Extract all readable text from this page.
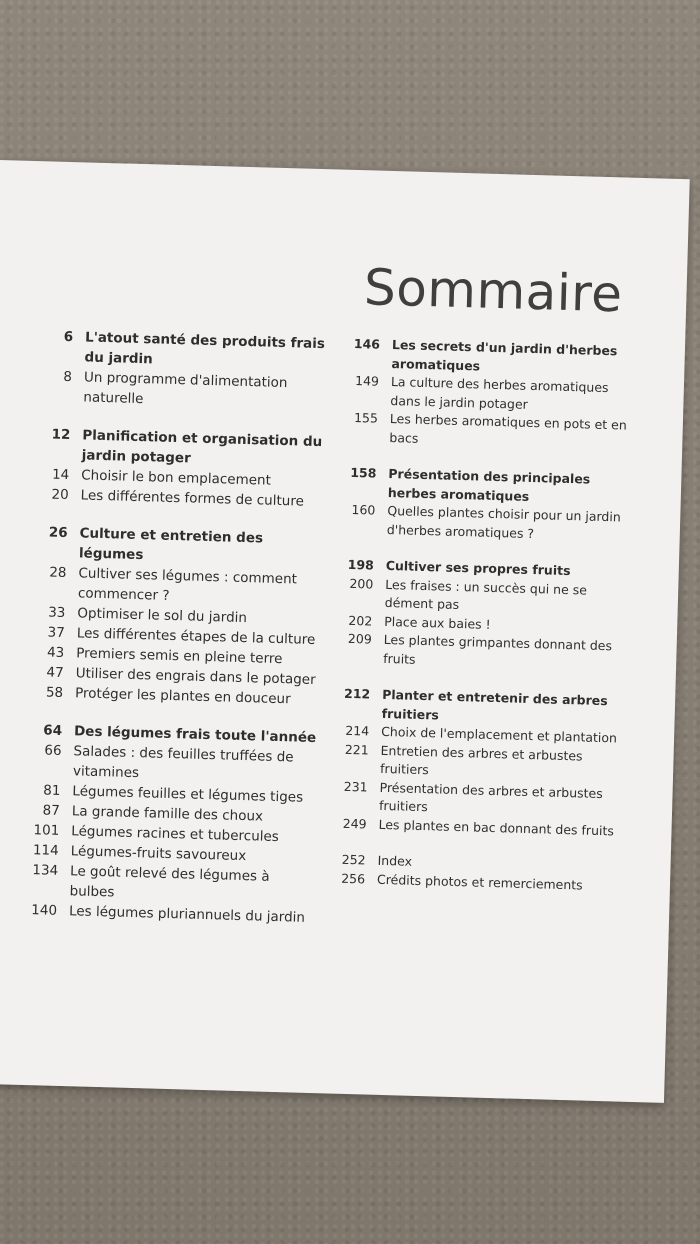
Sommaire
6 L'atout santé des produits frais du jardin
8 Un programme d'alimentation naturelle
12 Planification et organisation du jardin potager
14 Choisir le bon emplacement
20 Les différentes formes de culture
26 Culture et entretien des légumes
28 Cultiver ses légumes : comment commencer ?
33 Optimiser le sol du jardin
37 Les différentes étapes de la culture
43 Premiers semis en pleine terre
47 Utiliser des engrais dans le potager
58 Protéger les plantes en douceur
64 Des légumes frais toute l'année
66 Salades : des feuilles truffées de vitamines
81 Légumes feuilles et légumes tiges
87 La grande famille des choux
101 Légumes racines et tubercules
114 Légumes-fruits savoureux
134 Le goût relevé des légumes à bulbes
140 Les légumes pluriannuels du jardin
146 Les secrets d'un jardin d'herbes aromatiques
149 La culture des herbes aromatiques dans le jardin potager
155 Les herbes aromatiques en pots et en bacs
158 Présentation des principales herbes aromatiques
160 Quelles plantes choisir pour un jardin d'herbes aromatiques ?
198 Cultiver ses propres fruits
200 Les fraises : un succès qui ne se dément pas
202 Place aux baies !
209 Les plantes grimpantes donnant des fruits
212 Planter et entretenir des arbres fruitiers
214 Choix de l'emplacement et plantation
221 Entretien des arbres et arbustes fruitiers
231 Présentation des arbres et arbustes fruitiers
249 Les plantes en bac donnant des fruits
252 Index
256 Crédits photos et remerciements
